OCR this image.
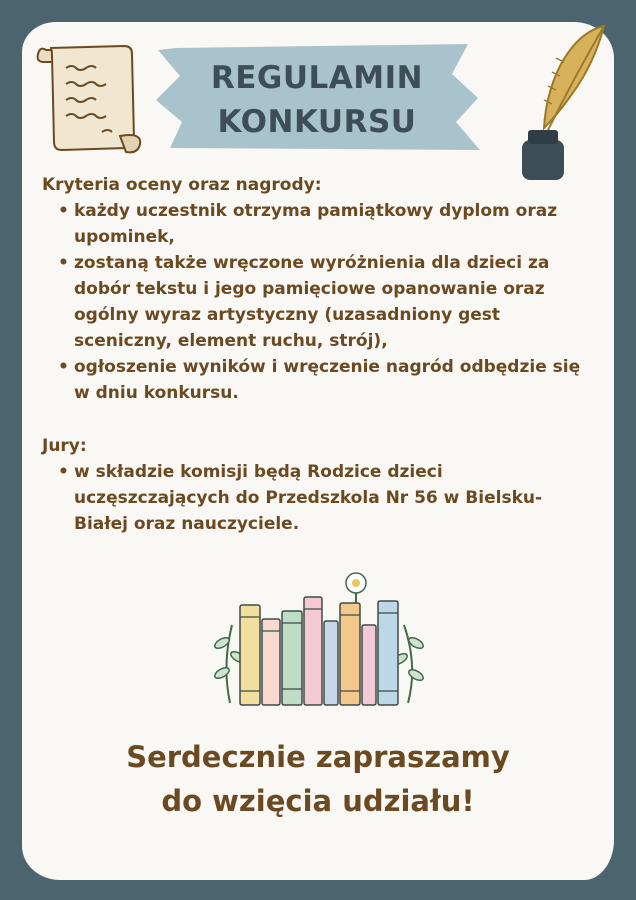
REGULAMIN
KONKURSU

Kryteria oceny oraz nagrody:

• każdy uczestnik otrzyma pamiątkowy dyplom oraz upominek,
• zostaną także wręczone wyróżnienia dla dzieci za dobór tekstu i jego pamięciowe opanowanie oraz ogólny wyraz artystyczny (uzasadniony gest sceniczny, element ruchu, strój),
• ogłoszenie wyników i wręczenie nagród odbędzie się w dniu konkursu.

Jury:

• w składzie komisji będą Rodzice dzieci uczęszczających do Przedszkola Nr 56 w Bielsku-Białej oraz nauczyciele.
Serdecznie zapraszamy
do wzięcia udziału!
